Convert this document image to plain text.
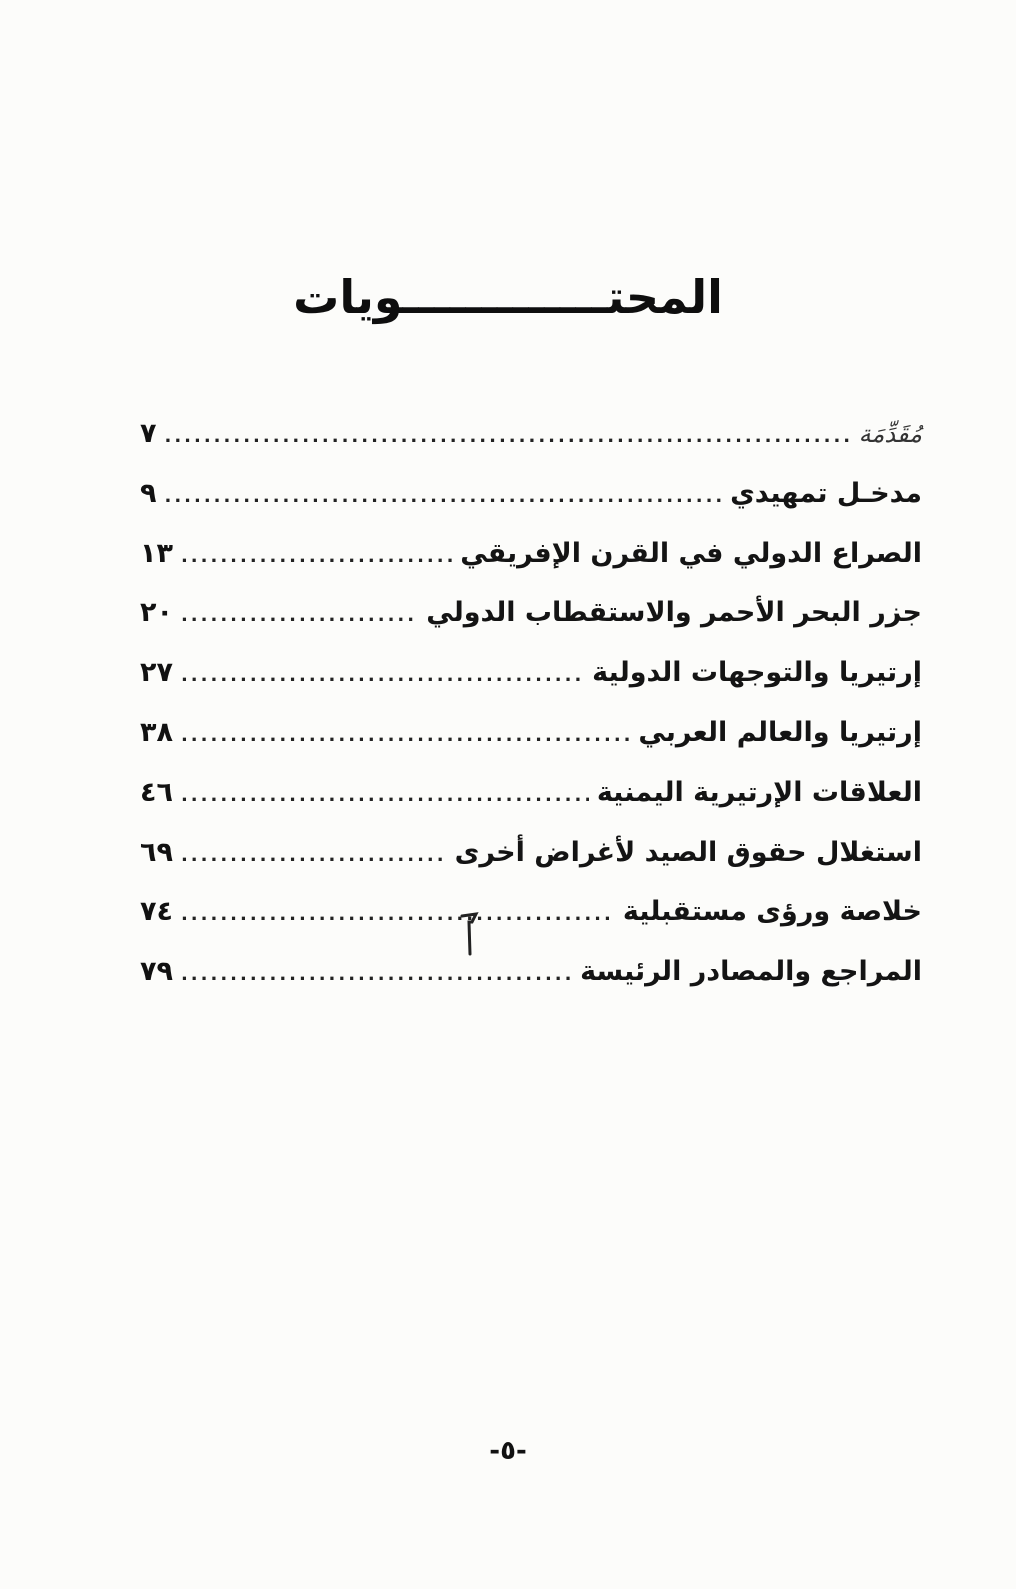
المحتـــــــــــــويات
مُقَدِّمَة
.....
٧
مدخـل تمهيدي
.....
٩
الصراع الدولي في القرن الإفريقي
.....
١٣
جزر البحر الأحمر والاستقطاب الدولي
.....
٢٠
إرتيريا والتوجهات الدولية
.....
٢٧
إرتيريا والعالم العربي
.....
٣٨
العلاقات الإرتيرية اليمنية
.....
٤٦
استغلال حقوق الصيد لأغراض أخرى
.....
٦٩
خلاصة ورؤى مستقبلية
.....
٧٤
المراجع والمصادر الرئيسة
.....
٧٩
-٥-
